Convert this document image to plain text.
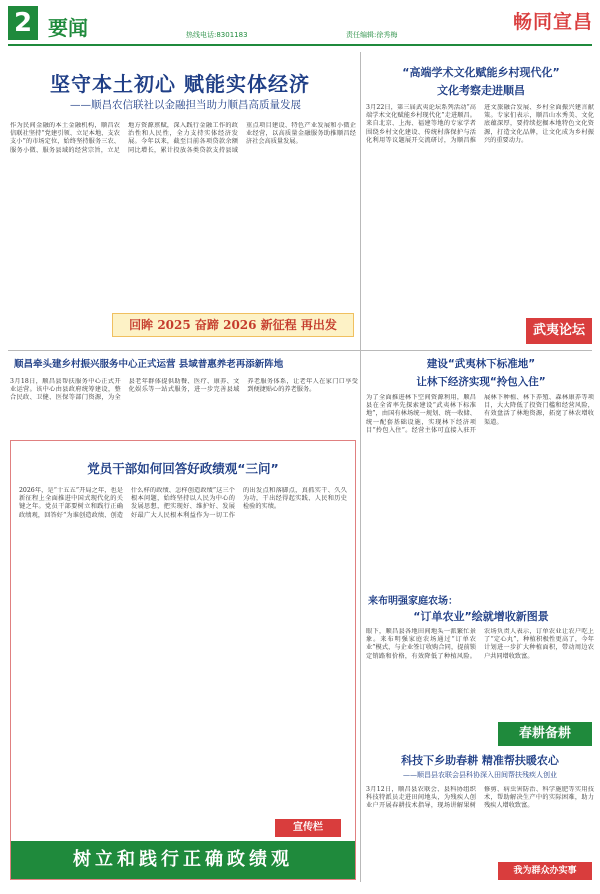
2 要闻	热线电话:8301183	责任编辑:徐秀梅
畅同宣昌
坚守本土初心 赋能实体经济
——顺昌农信联社以金融担当助力顺昌高质量发展
作为民间金融的本土金融机构，顺昌农信联社坚持“党建引领、立足本地、支农支小”的市场定位，始终坚持服务三农、服务小微、服务县域的经营宗旨，立足地方资源禀赋，深入践行金融工作的政治性和人民性，全力支持实体经济发展。今年以来，截至目前各项贷款余额同比增长，累计投放各类贷款支持县域重点项目建设、特色产业发展和小微企业经营，以高质量金融服务助推顺昌经济社会高质量发展。
回眸 2025 奋蹄 2026 新征程 再出发
“高端学术文化赋能乡村现代化”
文化考察走进顺昌
3月22日，第三届武夷论坛系列活动“高端学术文化赋能乡村现代化”走进顺昌。来自北京、上海、福建等地的专家学者围绕乡村文化建设、传统村落保护与活化利用等议题展开交流研讨，为顺昌推进文旅融合发展、乡村全面振兴建言献策。专家们表示，顺昌山水秀美、文化底蕴深厚，要持续挖掘本地特色文化资源，打造文化品牌，让文化成为乡村振兴的重要动力。
武夷论坛
顺昌牵头建乡村振兴服务中心正式运营 县域普惠养老再添新阵地
3月18日，顺昌县帮扶服务中心正式开业运营。该中心由县政府统筹建设，整合民政、卫健、医保等部门资源，为全县老年群体提供助餐、医疗、康养、文化娱乐等一站式服务，进一步完善县域养老服务体系，让老年人在家门口享受到便捷贴心的养老服务。
建设“武夷林下标准地”
让林下经济实现“拎包入住”
为了全面推进林下空间资源利用，顺昌县在全省率先探索建设“武夷林下标准地”，由国有林场统一规划、统一收储、统一配套基础设施，实现林下经济项目“拎包入住”。经营主体可直接入驻开展林下种植、林下养殖、森林康养等项目，大大降低了投资门槛和经营风险，有效盘活了林地资源，拓宽了林农增收渠道。
党员干部如何回答好政绩观“三问”
2026年，是“十五五”开局之年，也是新征程上全面推进中国式现代化的关键之年。党员干部要树立和践行正确政绩观，回答好“为谁创造政绩、创造什么样的政绩、怎样创造政绩”这三个根本问题，始终坚持以人民为中心的发展思想，把实现好、维护好、发展好最广大人民根本利益作为一切工作的出发点和落脚点，真抓实干、久久为功，干出经得起实践、人民和历史检验的实绩。
宣传栏
树立和践行正确政绩观
来布明强家庭农场：
“订单农业”绘就增收新图景
眼下，顺昌县各地田间地头一派繁忙景象。来布明强家庭农场通过“订单农业”模式，与企业签订收购合同，提前锁定销路和价格，有效降低了种植风险。农场负责人表示，订单农业让农户吃上了“定心丸”，种植积极性更高了，今年计划进一步扩大种植面积，带动周边农户共同增收致富。
春耕备耕
科技下乡助春耕 精准帮扶暖农心
——顺昌县农联会县科协深入田间帮扶残疾人创业
3月12日，顺昌县农联会、县科协组织科技特派员走进田间地头，为残疾人创业户开展春耕技术指导，现场讲解果树修剪、病虫害防治、科学施肥等实用技术，帮助解决生产中的实际困难，助力残疾人增收致富。
我为群众办实事
